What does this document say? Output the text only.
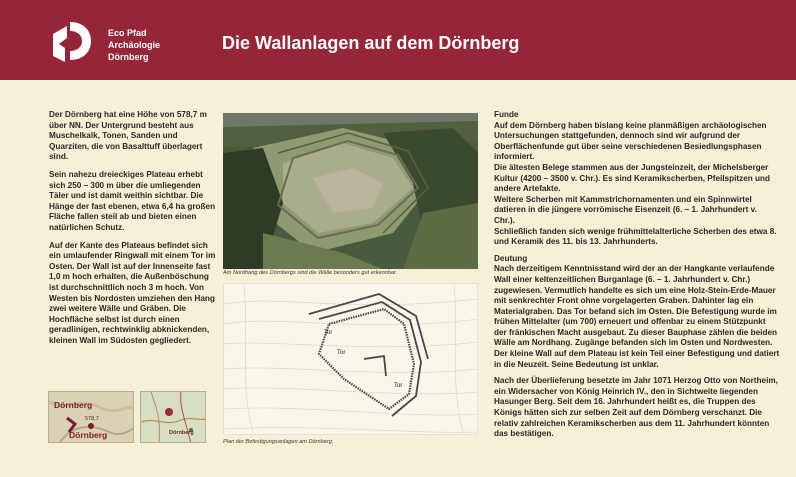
Eco Pfad
Archäologie
Dörnberg
Die Wallanlagen auf dem Dörnberg

Der Dörnberg hat eine Höhe von 578,7 m über NN. Der Untergrund besteht aus Muschelkalk, Tonen, Sanden und Quarziten, die von Basalttuff überlagert sind.

Sein nahezu dreieckiges Plateau erhebt sich 250 – 300 m über die umliegenden Täler und ist damit weithin sichtbar. Die Hänge der fast ebenen, etwa 6,4 ha großen Fläche fallen steil ab und bieten einen natürlichen Schutz.

Auf der Kante des Plateaus befindet sich ein umlaufender Ringwall mit einem Tor im Osten. Der Wall ist auf der Innenseite fast 1,0 m hoch erhalten, die Außenböschung ist durchschnittlich noch 3 m hoch. Von Westen bis Nordosten umziehen den Hang zwei weitere Wälle und Gräben. Die Hochfläche selbst ist durch einen geradlinigen, rechtwinklig abknickenden, kleinen Wall im Südosten gegliedert.

Am Nordhang des Dörnbergs sind die Wälle besonders gut erkennbar.
Tor
Tor
Tor
Plan der Befestigungsanlagen am Dörnberg.
Dörnberg
578,7
Dörnberg	Dörnberg

Funde
Auf dem Dörnberg haben bislang keine planmäßigen archäologischen Untersuchungen stattgefunden, dennoch sind wir aufgrund der Oberflächenfunde gut über seine verschiedenen Besiedlungsphasen informiert.
Die ältesten Belege stammen aus der Jungsteinzeit, der Michelsberger Kultur (4200 – 3500 v. Chr.). Es sind Keramikscherben, Pfeilspitzen und andere Artefakte.
Weitere Scherben mit Kammstrichornamenten und ein Spinnwirtel datieren in die jüngere vorrömische Eisenzeit (6. – 1. Jahrhundert v. Chr.).
Schließlich fanden sich wenige frühmittelalterliche Scherben des etwa 8. und Keramik des 11. bis 13. Jahrhunderts.

Deutung
Nach derzeitigem Kenntnisstand wird der an der Hangkante verlaufende Wall einer keltenzeitlichen Burganlage (6. – 1. Jahrhundert v. Chr.) zugewiesen. Vermutlich handelte es sich um eine Holz-Stein-Erde-Mauer mit senkrechter Front ohne vorgelagerten Graben. Dahinter lag ein Materialgraben. Das Tor befand sich im Osten. Die Befestigung wurde im frühen Mittelalter (um 700) erneuert und offenbar zu einem Stützpunkt der fränkischen Macht ausgebaut. Zu dieser Bauphase zählen die beiden Wälle am Nordhang. Zugänge befanden sich im Osten und Nordwesten. Der kleine Wall auf dem Plateau ist kein Teil einer Befestigung und datiert in die Neuzeit. Seine Bedeutung ist unklar.

Nach der Überlieferung besetzte im Jahr 1071 Herzog Otto von Northeim, ein Widersacher von König Heinrich IV., den in Sichtweite liegenden Hasunger Berg. Seit dem 16. Jahrhundert heißt es, die Truppen des Königs hätten sich zur selben Zeit auf dem Dörnberg verschanzt. Die relativ zahlreichen Keramikscherben aus dem 11. Jahrhundert könnten das bestätigen.
